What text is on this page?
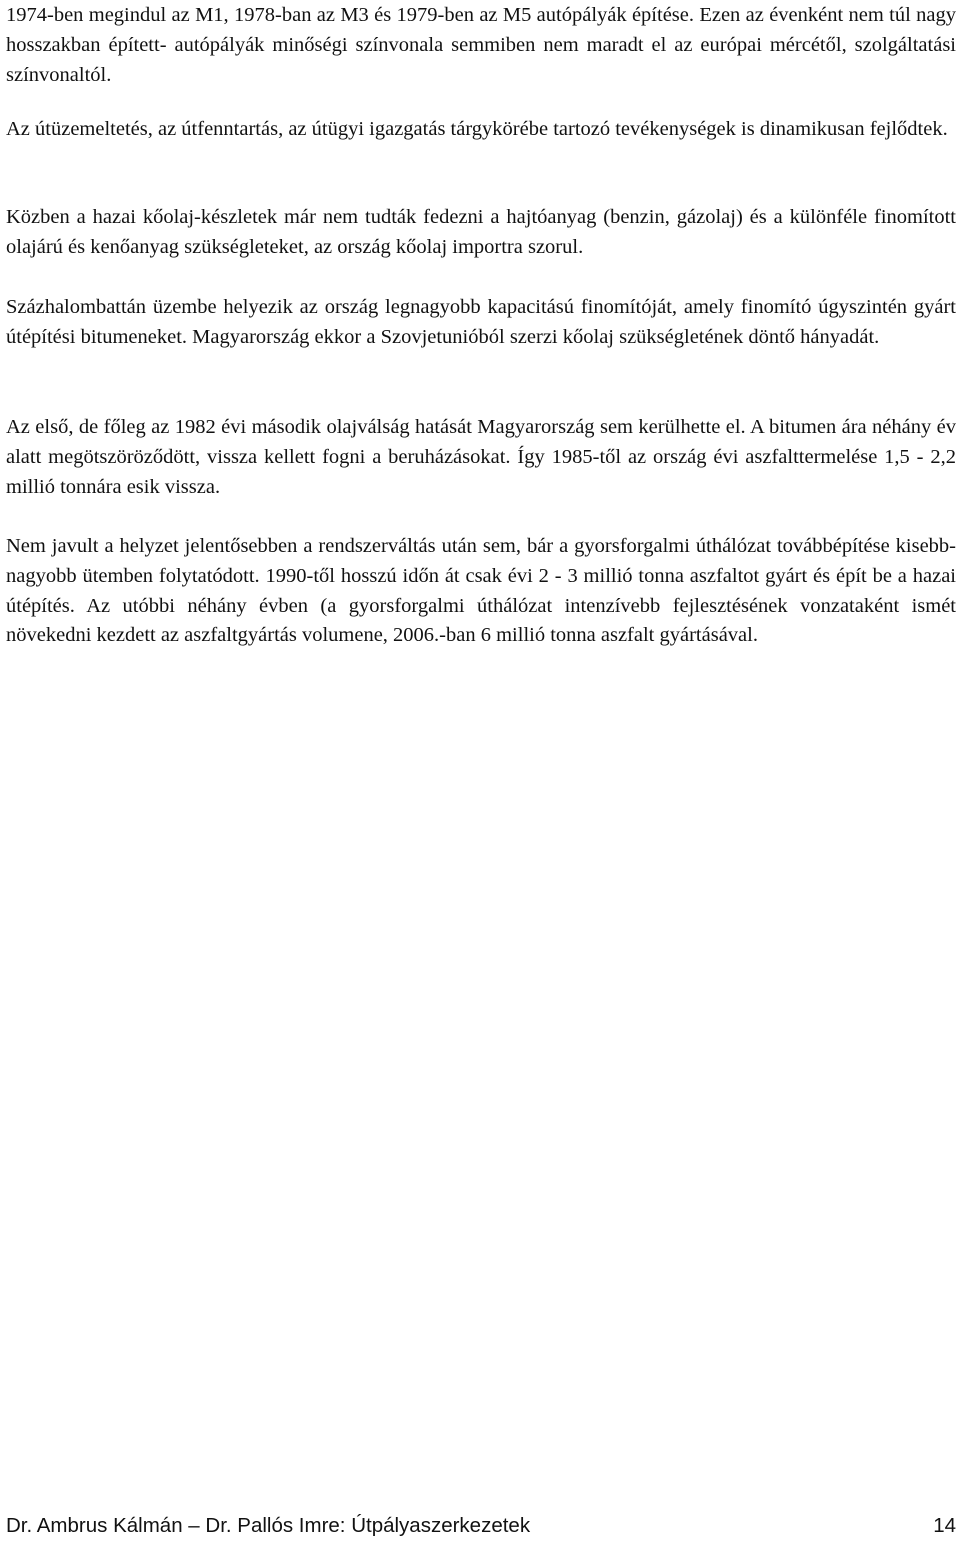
1974-ben megindul az M1, 1978-ban az M3 és 1979-ben az M5 autópályák építése. Ezen az évenként nem túl nagy hosszakban épített- autópályák minőségi színvonala semmiben nem maradt el az európai mércétől, szolgáltatási színvonaltól.

Az útüzemeltetés, az útfenntartás, az útügyi igazgatás tárgykörébe tartozó tevékenységek is dinamikusan fejlődtek.

Közben a hazai kőolaj-készletek már nem tudták fedezni a hajtóanyag (benzin, gázolaj) és a különféle finomított olajárú és kenőanyag szükségleteket, az ország kőolaj importra szorul.

Százhalombattán üzembe helyezik az ország legnagyobb kapacitású finomítóját, amely finomító úgyszintén gyárt útépítési bitumeneket. Magyarország ekkor a Szovjetunióból szerzi kőolaj szükségletének döntő hányadát.

Az első, de főleg az 1982 évi második olajválság hatását Magyarország sem kerülhette el. A bitumen ára néhány év alatt megötszöröződött, vissza kellett fogni a beruházásokat. Így 1985-től az ország évi aszfalttermelése 1,5 - 2,2 millió tonnára esik vissza.

Nem javult a helyzet jelentősebben a rendszerváltás után sem, bár a gyorsforgalmi úthálózat továbbépítése kisebb-nagyobb ütemben folytatódott. 1990-től hosszú időn át csak évi 2 - 3 millió tonna aszfaltot gyárt és épít be a hazai útépítés. Az utóbbi néhány évben (a gyorsforgalmi úthálózat intenzívebb fejlesztésének vonzataként ismét növekedni kezdett az aszfaltgyártás volumene, 2006.-ban 6 millió tonna aszfalt gyártásával.

Dr. Ambrus Kálmán – Dr. Pallós Imre: Útpályaszerkezetek	14
